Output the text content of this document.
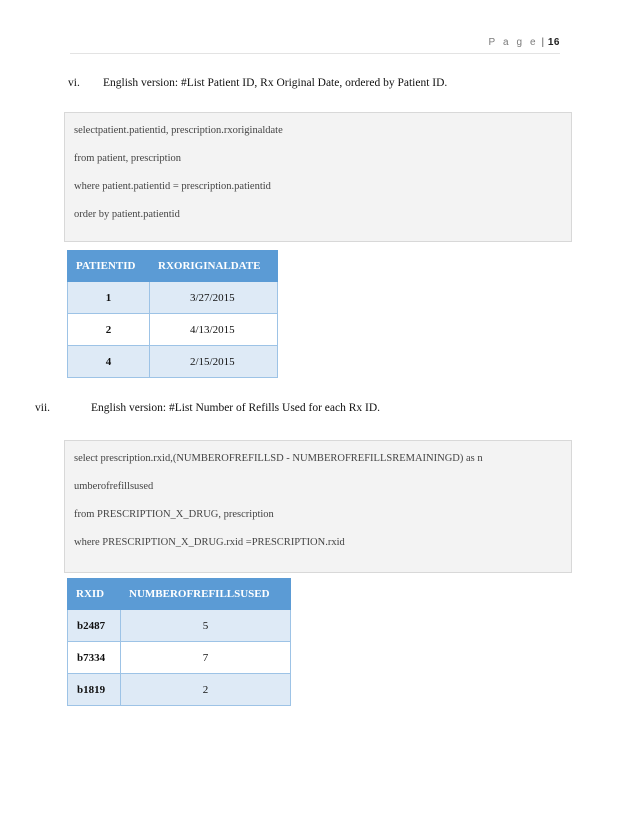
P a g e | 16
vi. English version: #List Patient ID, Rx Original Date, ordered by Patient ID.
selectpatient.patientid, prescription.rxoriginaldate
from patient, prescription
where patient.patientid = prescription.patientid
order by patient.patientid
PATIENTID	RXORIGINALDATE
1	3/27/2015
2	4/13/2015
4	2/15/2015
vii.	English version: #List Number of Refills Used for each Rx ID.
select prescription.rxid,(NUMBEROFREFILLSD - NUMBEROFREFILLSREMAININGD) as n
umberofrefillsused
from PRESCRIPTION_X_DRUG, prescription
where PRESCRIPTION_X_DRUG.rxid =PRESCRIPTION.rxid
RXID	NUMBEROFREFILLSUSED
b2487	5
b7334	7
b1819	2
